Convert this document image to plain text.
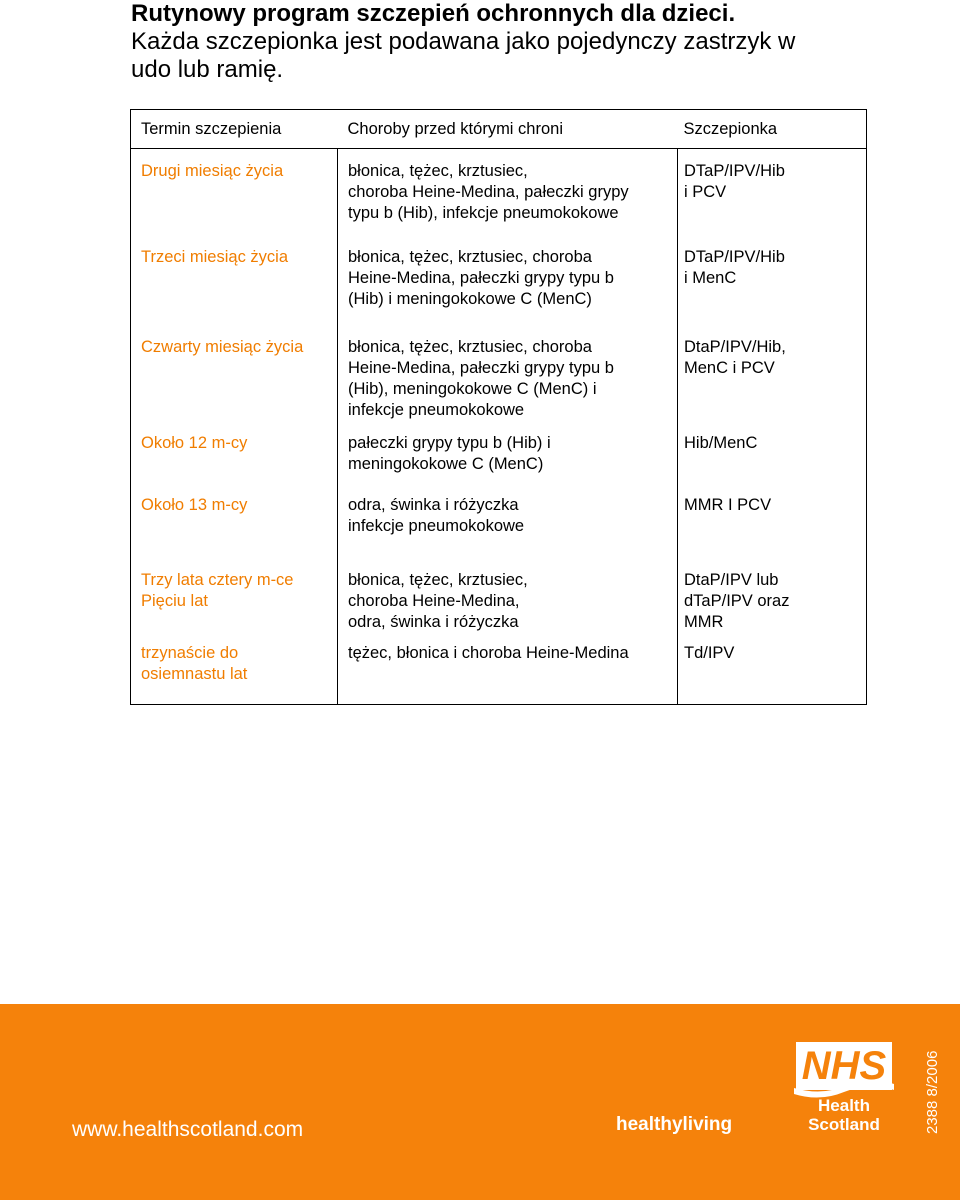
Rutynowy program szczepień ochronnych dla dzieci.
Każda szczepionka jest podawana jako pojedynczy zastrzyk w
udo lub ramię.
Termin szczepienia	Choroby przed którymi chroni	Szczepionka

Drugi miesiąc życia	błonica, tężec, krztusiec,
choroba Heine-Medina, pałeczki grypy
typu b (Hib), infekcje pneumokokowe	DTaP/IPV/Hib
i PCV

Trzeci miesiąc życia	błonica, tężec, krztusiec, choroba
Heine-Medina, pałeczki grypy typu b
(Hib) i meningokokowe C (MenC)	DTaP/IPV/Hib
i MenC

Czwarty miesiąc życia	błonica, tężec, krztusiec, choroba
Heine-Medina, pałeczki grypy typu b
(Hib), meningokokowe C (MenC) i
infekcje pneumokokowe	DtaP/IPV/Hib,
MenC i PCV

Około 12 m-cy	pałeczki grypy typu b (Hib) i
meningokokowe C (MenC)	Hib/MenC

Około 13 m-cy	odra, świnka i różyczka
infekcje pneumokokowe	MMR I PCV

Trzy lata cztery m-ce
Pięciu lat	błonica, tężec, krztusiec,
choroba Heine-Medina,
odra, świnka i różyczka	DtaP/IPV lub
dTaP/IPV oraz
MMR

trzynaście do
osiemnastu lat	tężec, błonica i choroba Heine-Medina	Td/IPV
www.healthscotland.com	healthyliving
NHS
Health
Scotland	2388 8/2006
